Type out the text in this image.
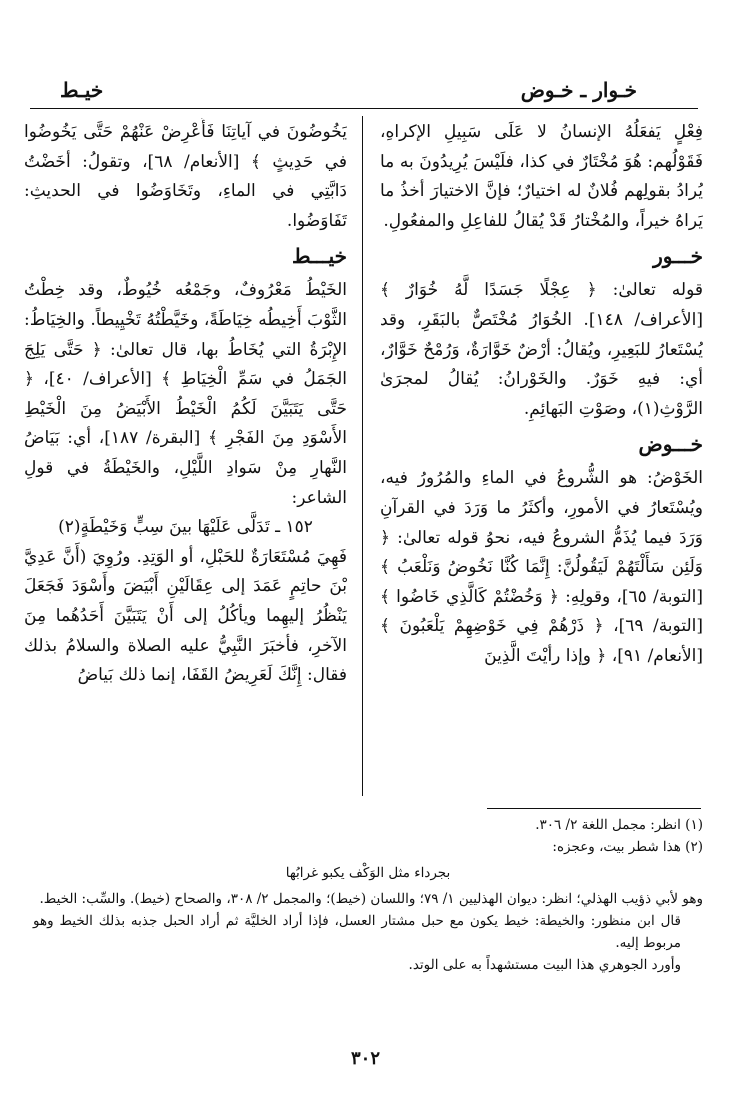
خـوار ـ خـوض
خيـط

فِعْلٍ يَفعَلُهُ الإنسانُ لا عَلَى سَبِيلِ الإكراهِ، فَقَوْلُهم: هُوَ مُخْتَارٌ في كذا، فلَيْسَ يُرِيدُونَ به ما يُرادُ بقولِهم فُلانٌ له اختيارٌ؛ فإنَّ الاختيارَ أخذُ ما يَراهُ خيراً، والمُخْتارُ قَدْ يُقالُ للفاعِلِ والمفعُولِ.

خـــور

قوله تعالىٰ: ﴿ عِجْلًا جَسَدًا لَّهُ خُوَارٌ ﴾ [الأعراف/ ١٤٨]. الخُوَارُ مُخْتَصٌّ بالبَقَرِ، وقد يُسْتَعارُ للبَعِيرِ، ويُقالُ: أرْضٌ خَوَّارَةٌ، وَرُمْحٌ خَوَّارٌ، أي: فيهِ خَوَرٌ. والخَوْرانُ: يُقالُ لمجرَىٰ الرَّوْثِ(١)، وصَوْتِ البَهائِمِ.

خـــوض

الخَوْضُ: هو الشُّروعُ في الماءِ والمُرُورُ فيه، ويُسْتَعارُ في الأمورِ، وأكثَرُ ما وَرَدَ في القرآنِ وَرَدَ فيما يُذَمُّ الشروعُ فيه، نحوُ قوله تعالىٰ: ﴿ وَلَئِن سَأَلْتَهُمْ لَيَقُولُنَّ: إِنَّمَا كُنَّا نَخُوضُ وَنَلْعَبُ ﴾ [التوبة/ ٦٥]، وقولِهِ: ﴿ وَخُضْتُمْ كَالَّذِي خَاضُوا ﴾ [التوبة/ ٦٩]، ﴿ ذَرْهُمْ فِي خَوْضِهِمْ يَلْعَبُونَ ﴾ [الأنعام/ ٩١]، ﴿ وإذا رأيْتَ الَّذِينَ

يَخُوضُونَ في آياتِنَا فَأَعْرِضْ عَنْهُمْ حَتَّى يَخُوضُوا في حَدِيثٍ ﴾ [الأنعام/ ٦٨]، وتقولُ: أخَضْتُ دَابَّتِي في الماءِ، وتَخَاوَضُوا في الحديثِ: تَفَاوَضُوا.

خيـــط

الخَيْطُ مَعْرُوفٌ، وجَمْعُه خُيُوطٌ، وقد خِطْتُ الثَّوْبَ أَخِيطُه خِيَاطَةً، وخَيَّطْتُهُ تَخْيِيطاً. والخِيَاطُ: الإِبْرَةُ التي يُخَاطُ بها، قال تعالىٰ: ﴿ حَتَّى يَلِجَ الجَمَلُ في سَمِّ الْخِيَاطِ ﴾ [الأعراف/ ٤٠]، ﴿ حَتَّى يَتَبَيَّنَ لَكُمُ الْخَيْطُ الأَبْيَضُ مِنَ الْخَيْطِ الأَسْوَدِ مِنَ الفَجْرِ ﴾ [البقرة/ ١٨٧]، أي: بَيَاضُ النَّهارِ مِنْ سَوادِ اللَّيْلِ، والخَيْطَةُ في قولِ الشاعر:

١٥٢ ـ تَدَلَّى عَلَيْهَا بينَ سِبٍّ وَخَيْطَةٍ(٢)

فَهِيَ مُسْتَعَارَةٌ للحَبْلِ، أو الوَتِدِ. ورُوِيَ (أَنَّ عَدِيَّ بْنَ حاتِمٍ عَمَدَ إلى عِقَالَيْنِ أَبْيَضَ وأَسْوَدَ فَجَعَلَ يَنْظُرُ إليهِما ويأكُلُ إلى أَنْ يَتَبَيَّنَ أَحَدُهُما مِنَ الآخرِ، فأخبَرَ النَّبِيُّ عليه الصلاة والسلامُ بذلك فقال: إِنَّكَ لَعَرِيضُ القَفَا، إنما ذلك بَياضُ

(١) انظر: مجمل اللغة ٢/ ٣٠٦.

(٢) هذا شطر بيت، وعجزه:

بجرداء مثل الوَكْف يكبو غرابُها

وهو لأبي ذؤيب الهذلي؛ انظر: ديوان الهذليين ١/ ٧٩؛ واللسان (خيط)؛ والمجمل ٢/ ٣٠٨، والصحاح (خيط). والسِّب: الخيط.

قال ابن منظور: والخيطة: خيط يكون مع حبل مشتار العسل، فإذا أراد الخليَّة ثم أراد الحبل جذبه بذلك الخيط وهو مربوط إليه.

وأورد الجوهري هذا البيت مستشهداً به على الوتد.

٣٠٢
